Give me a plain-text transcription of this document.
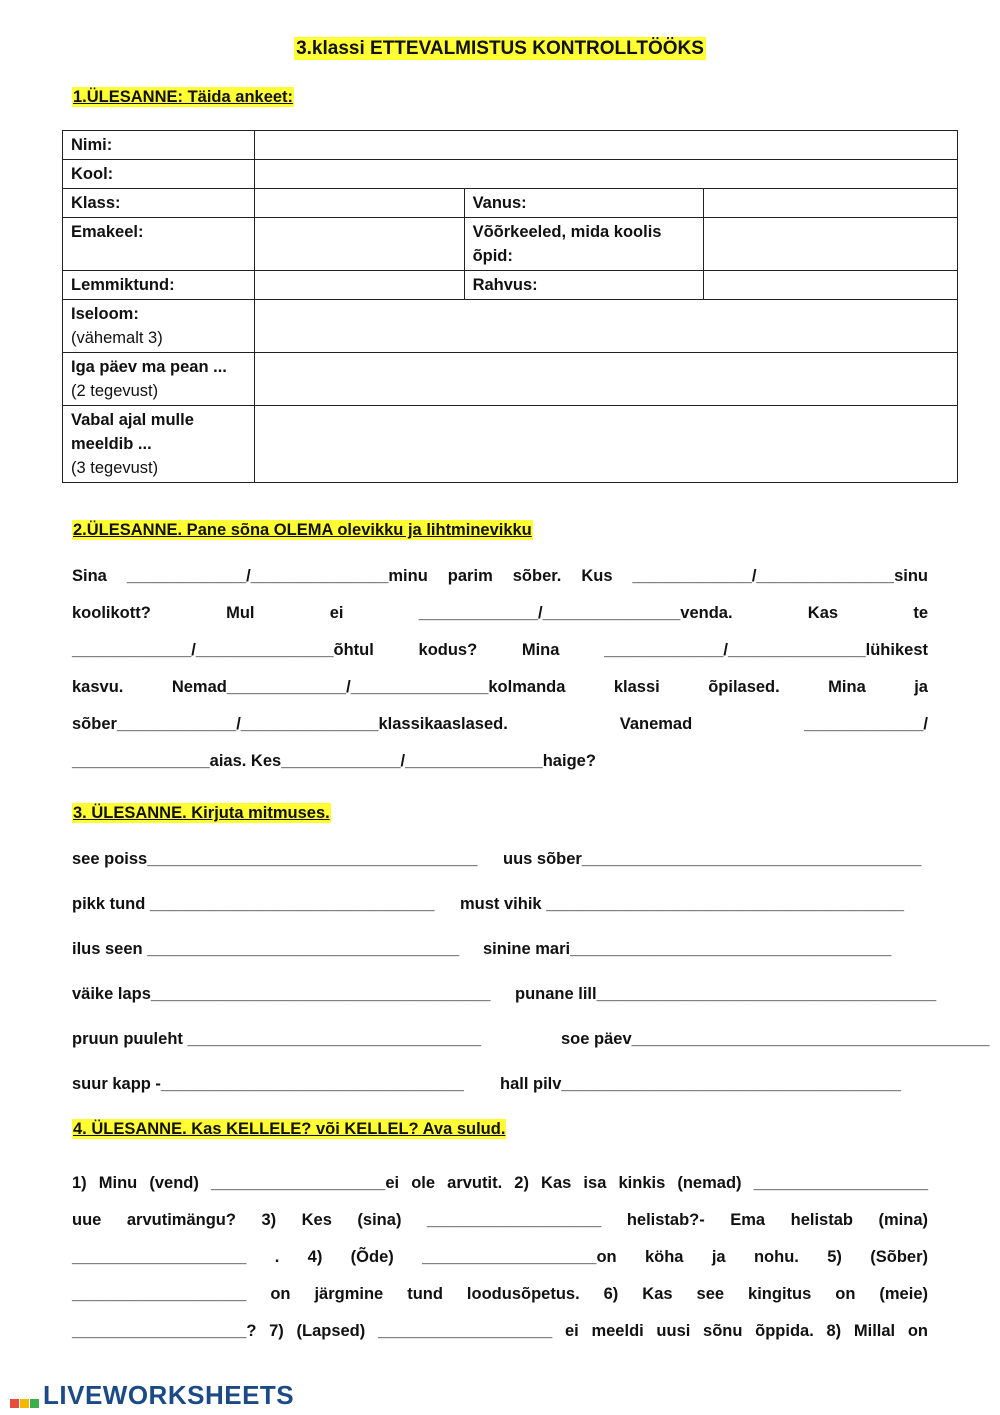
3.klassi ETTEVALMISTUS KONTROLLTÖÖKS
1.ÜLESANNE: Täida ankeet:
Nimi:			
Kool:			
Klass:		Vanus:	
Emakeel:		Võõrkeeled, mida koolis õpid:	
Lemmiktund:		Rahvus:	

Iseloom:
(vähemalt 3)			

Iga päev ma pean ...
(2 tegevust)			

Vabal ajal mulle meeldib ...
(3 tegevust)			

2.ÜLESANNE. Pane sõna OLEMA olevikku ja lihtminevikku
Sina _____________/_______________minu parim sõber. Kus _____________/_______________sinu
koolikott? Mul ei _____________/_______________venda. Kas te
_____________/_______________õhtul kodus? Mina _____________/_______________lühikest
kasvu. Nemad_____________/_______________kolmanda klassi õpilased. Mina ja
sõber_____________/_______________klassikaaslased. Vanemad _____________/
_______________aias. Kes_____________/_______________haige?
3. ÜLESANNE. Kirjuta mitmuses.
see poiss____________________________________ uus sõber_____________________________________
pikk tund _______________________________ must vihik _______________________________________
ilus seen __________________________________ sinine mari___________________________________
väike laps_____________________________________ punane lill_____________________________________
pruun puuleht ________________________________	soe päev_______________________________________
suur kapp -_________________________________ hall pilv_____________________________________
4. ÜLESANNE. Kas KELLELE? või KELLEL? Ava sulud.
1) Minu (vend) ___________________ei ole arvutit. 2) Kas isa kinkis (nemad) ___________________
uue arvutimängu? 3) Kes (sina) ___________________ helistab?- Ema helistab (mina)
___________________ . 4) (Õde) ___________________on köha ja nohu. 5) (Sõber)
___________________ on järgmine tund loodusõpetus. 6) Kas see kingitus on (meie)
___________________? 7) (Lapsed) ___________________ ei meeldi uusi sõnu õppida. 8) Millal on
LIVEWORKSHEETS
